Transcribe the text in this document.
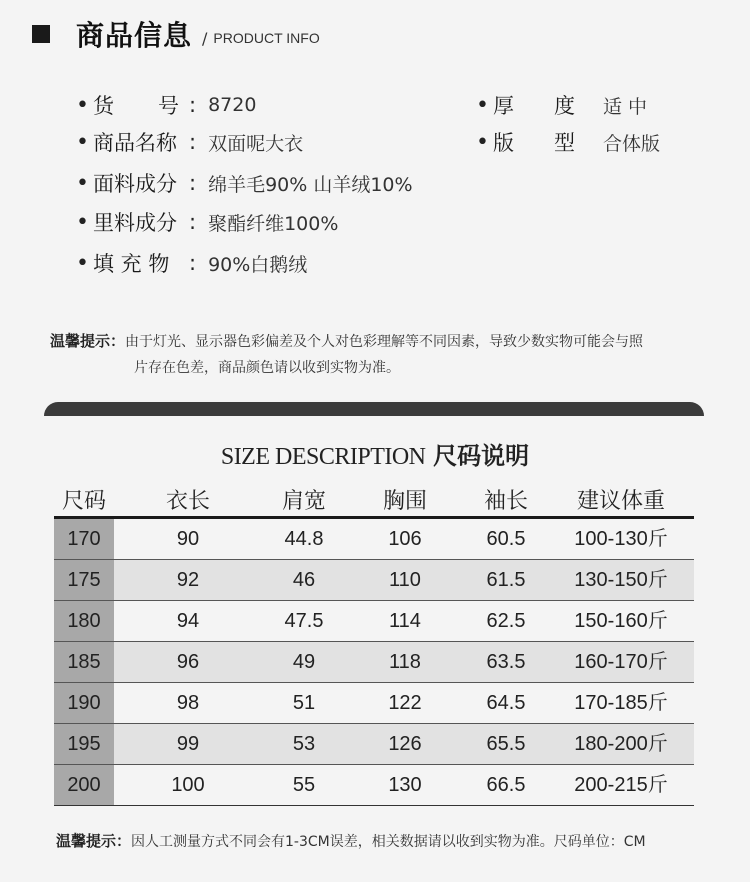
商品信息 / PRODUCT INFO
• 货 号 : 8720
• 商品名称 : 双面呢大衣
• 面料成分 : 绵羊毛90% 山羊绒10%
• 里料成分 : 聚酯纤维100%
• 填 充 物 : 90%白鹅绒
• 厚      度	适 中
• 版      型	合体版
温馨提示：由于灯光、显示器色彩偏差及个人对色彩理解等不同因素，导致少数实物可能会与照
片存在色差，商品颜色请以收到实物为准。
SIZE DESCRIPTION 尺码说明
尺码	衣长	肩宽	胸围	袖长	建议体重
170	90	44.8	106	60.5	100-130斤
175	92	46	110	61.5	130-150斤
180	94	47.5	114	62.5	150-160斤
185	96	49	118	63.5	160-170斤
190	98	51	122	64.5	170-185斤
195	99	53	126	65.5	180-200斤
200	100	55	130	66.5	200-215斤
温馨提示：因人工测量方式不同会有1-3CM误差，相关数据请以收到实物为准。尺码单位：CM
